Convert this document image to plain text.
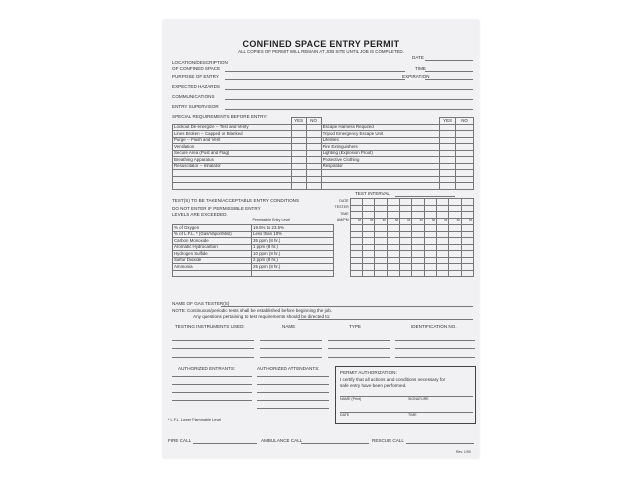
CONFINED SPACE ENTRY PERMIT
ALL COPIES OF PERMIT WILL REMAIN AT JOB SITE UNTIL JOB IS COMPLETED.
DATE
LOCATION/DESCRIPTION
OF CONFINED SPACE	TIME
PURPOSE OF ENTRY	EXPIRATION
EXPECTED HAZARDS
COMMUNICATIONS
ENTRY SUPERVISOR
SPECIAL REQUIREMENTS BEFORE ENTRY:
	YES	NO		YES	NO
Lockout De-energize -- Test and Verify			Escape Harness Required		
Lines Broken -- Capped or Blanked			Tripod Emergency Escape Unit		
Purge -- Flush and Vent			Lifelines		
Ventilation			Fire Extinguishers		
Secure Area (Post and Flag)			Lighting (Explosion Proof)		
Breathing Apparatus			Protective Clothing		
Resuscitator -- Inhalator			Respirator		

TEST INTERVAL
TEST(S) TO BE TAKEN/ACCEPTABLE ENTRY CONDITIONS
DO NOT ENTER IF PERMISSIBLE ENTRY
LEVELS ARE EXCEEDED.
		DATE										
		TESTER										
		TIME										
	Permissible Entry Level	AM/PM	M	M	M	M	M	M	M	M	M	M
% of Oxygen	19.5% to 23.5%											
% of L.F.L. * (Gas/Vapor/Mist)	Less than 10%											
Carbon Monoxide	35 ppm (8 hr.)											
Aromatic Hydrocarbon	1 ppm (8 hr.)											
Hydrogen Sulfide	10 ppm (8 hr.)											
Sulfur Dioxide	2 ppm (8 hr.)											
Ammonia	25 ppm (8 hr.)											

NAME OF GAS TESTER(S)
NOTE: Continuous/periodic tests shall be established before beginning the job.
Any questions pertaining to test requirements should be directed to:
TESTING INSTRUMENTS USED:	NAME	TYPE	IDENTIFICATION NO.
AUTHORIZED ENTRANTS:	AUTHORIZED ATTENDANTS:
PERMIT AUTHORIZATION:
I certify that all actions and conditions necessary for
safe entry have been performed.
NAME (Print)	SIGNATURE
DATE	TIME
* L.F.L. Lower Flammable Level
FIRE CALL	AMBULANCE CALL	RESCUE CALL
Rev. 1/90
